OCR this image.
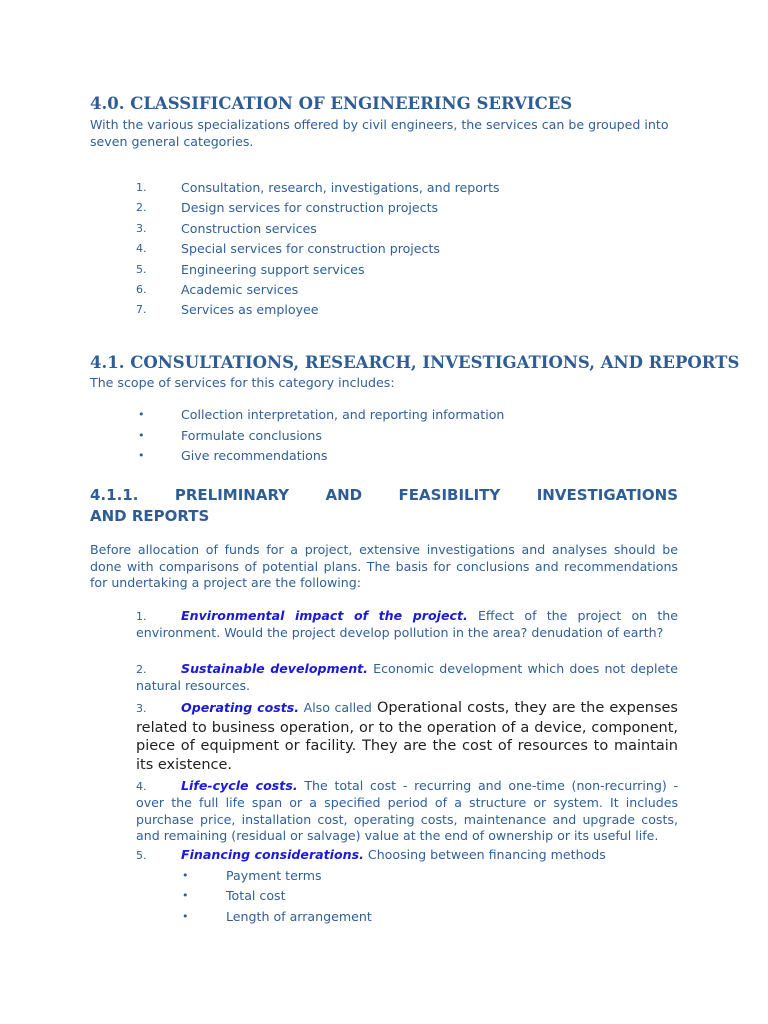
4.0. CLASSIFICATION OF ENGINEERING SERVICES

With the various specializations offered by civil engineers, the services can be grouped into seven general categories.

1.	Consultation, research, investigations, and reports
2.	Design services for construction projects
3.	Construction services
4.	Special services for construction projects
5.	Engineering support services
6.	Academic services
7.	Services as employee
4.1. CONSULTATIONS, RESEARCH, INVESTIGATIONS, AND REPORTS

The scope of services for this category includes:

•	Collection interpretation, and reporting information
•	Formulate conclusions
•	Give recommendations
4.1.1. PRELIMINARY AND FEASIBILITY INVESTIGATIONS
AND REPORTS

Before allocation of funds for a project, extensive investigations and analyses should be done with comparisons of potential plans. The basis for conclusions and recommendations for undertaking a project are the following:

1.	Environmental impact of the project. Effect of the project on the environment. Would the project develop pollution in the area? denudation of earth?

2.	Sustainable development. Economic development which does not deplete natural resources.

3.	Operating costs. Also called Operational costs, they are the expenses related to business operation, or to the operation of a device, component, piece of equipment or facility. They are the cost of resources to maintain its existence.

4.	Life-cycle costs. The total cost - recurring and one-time (non-recurring) - over the full life span or a specified period of a structure or system. It includes purchase price, installation cost, operating costs, maintenance and upgrade costs, and remaining (residual or salvage) value at the end of ownership or its useful life.

5.	Financing considerations. Choosing between financing methods

•	Payment terms
•	Total cost
•	Length of arrangement
